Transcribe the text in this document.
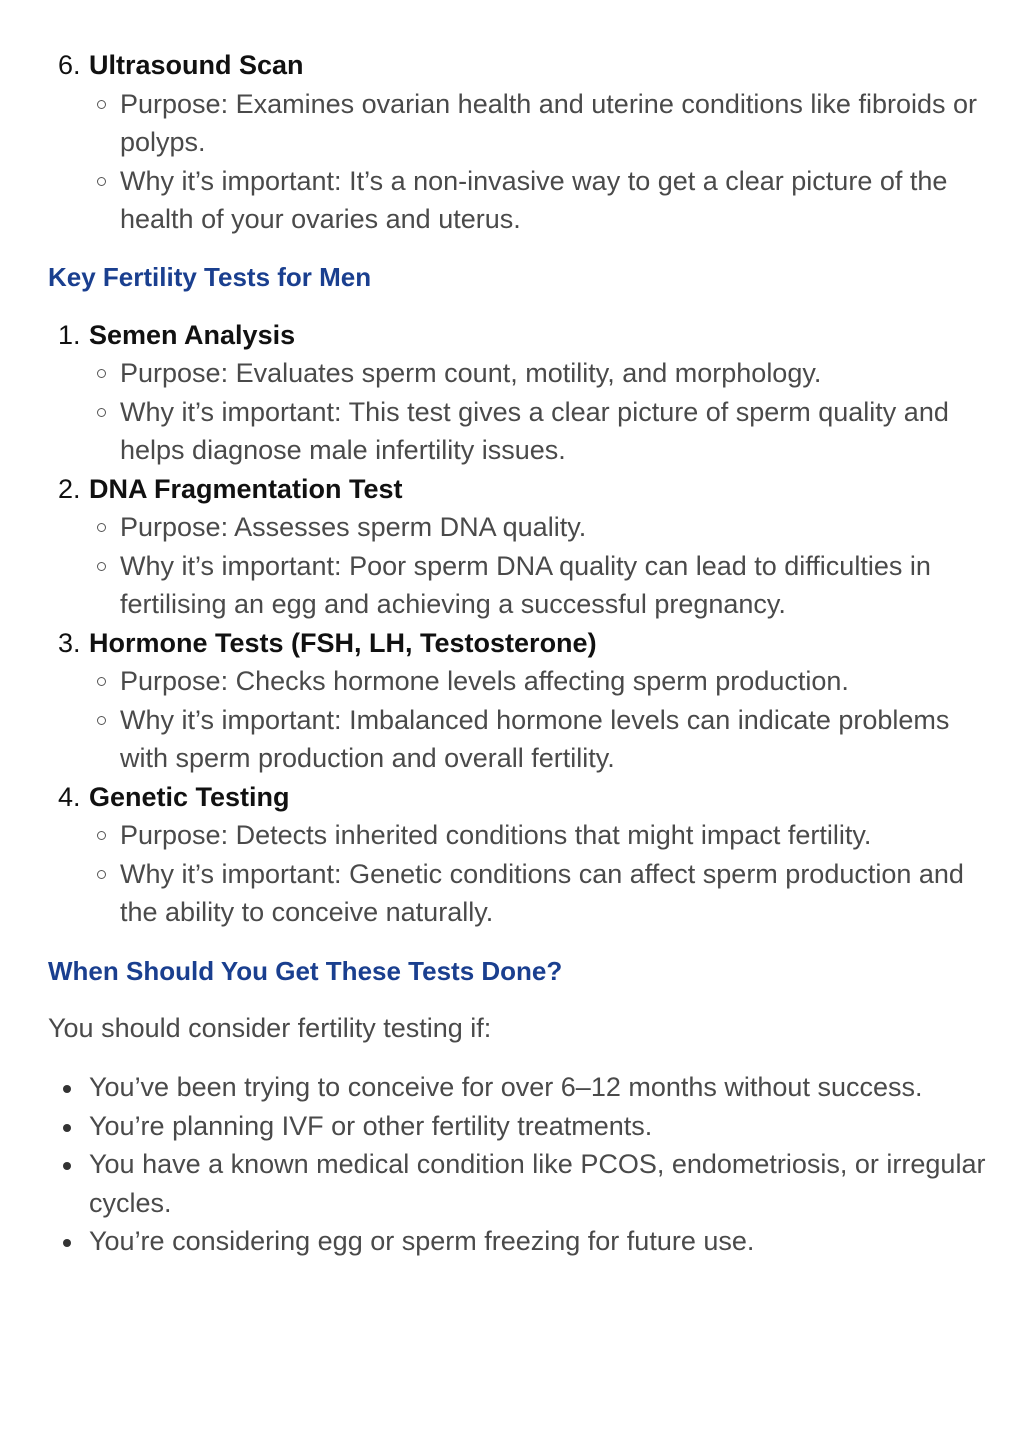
6. Ultrasound Scan
Purpose: Examines ovarian health and uterine conditions like fibroids or polyps.
Why it’s important: It’s a non-invasive way to get a clear picture of the health of your ovaries and uterus.
Key Fertility Tests for Men
1. Semen Analysis
Purpose: Evaluates sperm count, motility, and morphology.
Why it’s important: This test gives a clear picture of sperm quality and helps diagnose male infertility issues.
2. DNA Fragmentation Test
Purpose: Assesses sperm DNA quality.
Why it’s important: Poor sperm DNA quality can lead to difficulties in fertilising an egg and achieving a successful pregnancy.
3. Hormone Tests (FSH, LH, Testosterone)
Purpose: Checks hormone levels affecting sperm production.
Why it’s important: Imbalanced hormone levels can indicate problems with sperm production and overall fertility.
4. Genetic Testing
Purpose: Detects inherited conditions that might impact fertility.
Why it’s important: Genetic conditions can affect sperm production and the ability to conceive naturally.
When Should You Get These Tests Done?
You should consider fertility testing if:
You’ve been trying to conceive for over 6–12 months without success.
You’re planning IVF or other fertility treatments.
You have a known medical condition like PCOS, endometriosis, or irregular cycles.
You’re considering egg or sperm freezing for future use.
